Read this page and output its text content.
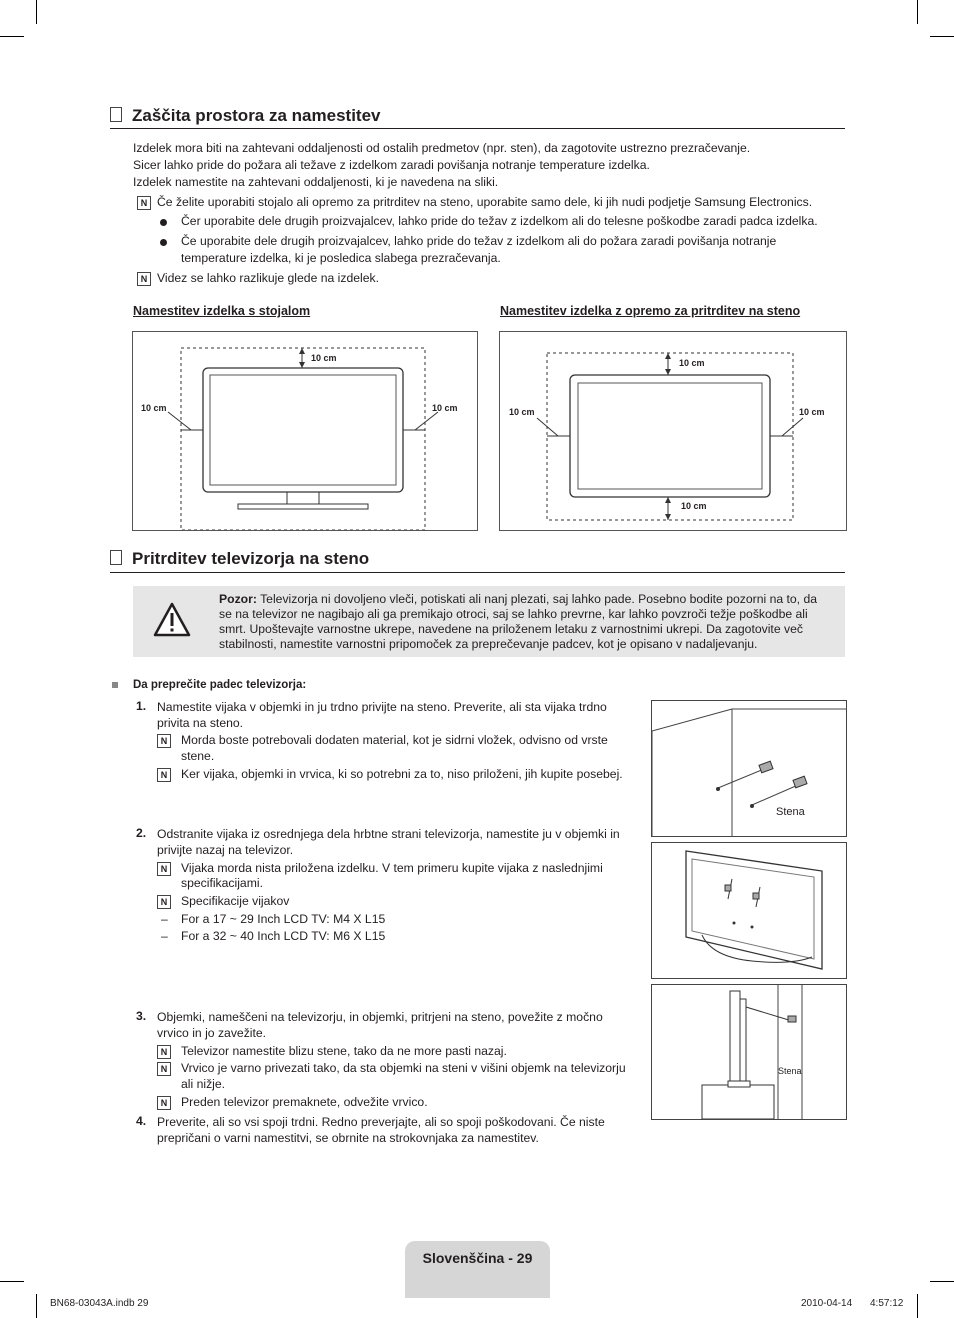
Zaščita prostora za namestitev
Izdelek mora biti na zahtevani oddaljenosti od ostalih predmetov (npr. sten), da zagotovite ustrezno prezračevanje.
Sicer lahko pride do požara ali težave z izdelkom zaradi povišanja notranje temperature izdelka.
Izdelek namestite na zahtevani oddaljenosti, ki je navedena na sliki.
N Če želite uporabiti stojalo ali opremo za pritrditev na steno, uporabite samo dele, ki jih nudi podjetje Samsung Electronics.
Čer uporabite dele drugih proizvajalcev, lahko pride do težav z izdelkom ali do telesne poškodbe zaradi padca izdelka.
Če uporabite dele drugih proizvajalcev, lahko pride do težav z izdelkom ali do požara zaradi povišanja notranje
temperature izdelka, ki je posledica slabega prezračevanja.
N Videz se lahko razlikuje glede na izdelek.
Namestitev izdelka s stojalom	Namestitev izdelka z opremo za pritrditev na steno
10 cm
10 cm	10 cm
10 cm
10 cm	10 cm
10 cm
Pritrditev televizorja na steno
Pozor: Televizorja ni dovoljeno vleči, potiskati ali nanj plezati, saj lahko pade. Posebno bodite pozorni na to, da
se na televizor ne nagibajo ali ga premikajo otroci, saj se lahko prevrne, kar lahko povzroči težje poškodbe ali
smrt. Upoštevajte varnostne ukrepe, navedene na priloženem letaku z varnostnimi ukrepi. Da zagotovite več
stabilnosti, namestite varnostni pripomoček za preprečevanje padcev, kot je opisano v nadaljevanju.
Da preprečite padec televizorja:
1. Namestite vijaka v objemki in ju trdno privijte na steno. Preverite, ali sta vijaka trdno
privita na steno.
N	Morda boste potrebovali dodaten material, kot je sidrni vložek, odvisno od vrste
stene.
N	Ker vijaka, objemki in vrvica, ki so potrebni za to, niso priloženi, jih kupite posebej.
2. Odstranite vijaka iz osrednjega dela hrbtne strani televizorja, namestite ju v objemki in
privijte nazaj na televizor.
N	Vijaka morda nista priložena izdelku. V tem primeru kupite vijaka z naslednjimi
specifikacijami.
N	Specifikacije vijakov
– For a 17 ~ 29 Inch LCD TV: M4 X L15
– For a 32 ~ 40 Inch LCD TV: M6 X L15
3. Objemki, nameščeni na televizorju, in objemki, pritrjeni na steno, povežite z močno
vrvico in jo zavežite.
N	Televizor namestite blizu stene, tako da ne more pasti nazaj.
N	Vrvico je varno privezati tako, da sta objemki na steni v višini objemk na televizorju
ali nižje.
N	Preden televizor premaknete, odvežite vrvico.
4. Preverite, ali so vsi spoji trdni. Redno preverjajte, ali so spoji poškodovani. Če niste
prepričani o varni namestitvi, se obrnite na strokovnjaka za namestitev.
Stena
Stena
Slovenščina - 29
BN68-03043A.indb 29	2010-04-14 4:57:12
